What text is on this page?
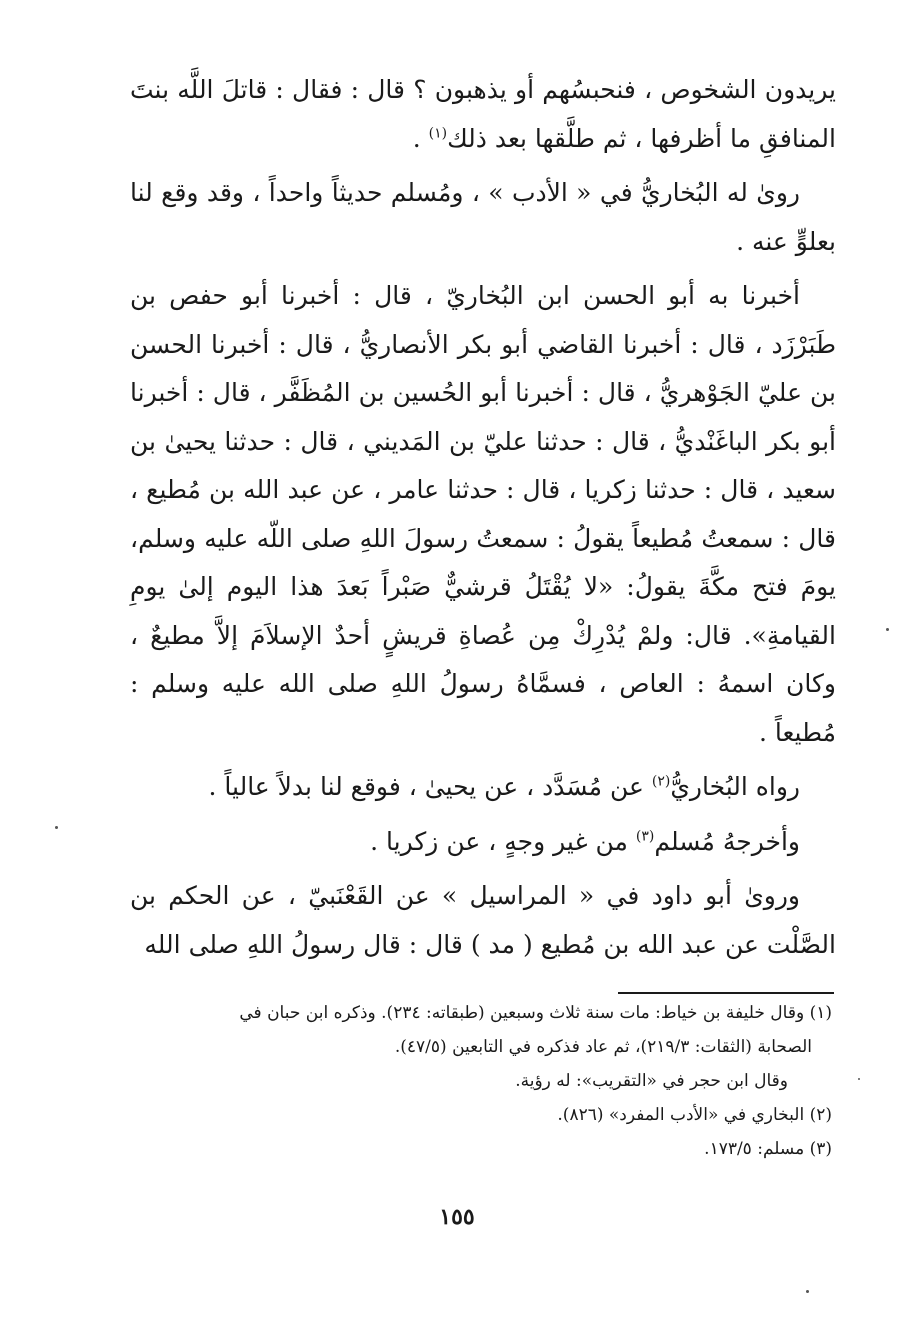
يريدون الشخوص ، فنحبسُهم أو يذهبون ؟ قال : فقال : قاتلَ اللَّه بنتَ المنافقِ ما أظرفها ، ثم طلَّقها بعد ذلك$^{(١)}$ .

رویٰ له البُخاريُّ في « الأدب » ، ومُسلم حديثاً واحداً ، وقد وقع لنا بعلوٍّ عنه .

أخبرنا به أبو الحسن ابن البُخاريّ ، قال : أخبرنا أبو حفص بن طَبَرْزَد ، قال : أخبرنا القاضي أبو بكر الأنصاريُّ ، قال : أخبرنا الحسن بن عليّ الجَوْهريُّ ، قال : أخبرنا أبو الحُسين بن المُظَفَّر ، قال : أخبرنا أبو بكر الباغَنْديُّ ، قال : حدثنا عليّ بن المَديني ، قال : حدثنا يحيىٰ بن سعيد ، قال : حدثنا زكريا ، قال : حدثنا عامر ، عن عبد الله بن مُطيع ، قال : سمعتُ مُطيعاً يقولُ : سمعتُ رسولَ اللهِ صلى اللّه عليه وسلم، يومَ فتح مكَّةَ يقولُ: «لا يُقْتَلُ قرشيٌّ صَبْراً بَعدَ هذا اليوم إلىٰ يومِ القيامةِ». قال: ولمْ يُدْرِكْ مِن عُصاةِ قريشٍ أحدٌ الإسلاَمَ إلاَّ مطيعٌ ، وكان اسمهُ : العاص ، فسمَّاهُ رسولُ اللهِ صلى الله عليه وسلم : مُطيعاً .

رواه البُخاريُّ$^{(٢)}$ عن مُسَدَّد ، عن يحيىٰ ، فوقع لنا بدلاً عالياً .

وأخرجهُ مُسلم$^{(٣)}$ من غير وجهٍ ، عن زكريا .

ورویٰ أبو داود في « المراسيل » عن القَعْنَبيّ ، عن الحكم بن الصَّلْت عن عبد الله بن مُطيع ( مد ) قال : قال رسولُ اللهِ صلى الله

(١) وقال خليفة بن خياط: مات سنة ثلاث وسبعين (طبقاته: ٢٣٤). وذكره ابن حبان في

الصحابة (الثقات: ٢١٩/٣)، ثم عاد فذكره في التابعين (٤٧/٥).

وقال ابن حجر في «التقريب»: له رؤية.

(٢) البخاري في «الأدب المفرد» (٨٢٦).

(٣) مسلم: ١٧٣/٥.

١٥٥
